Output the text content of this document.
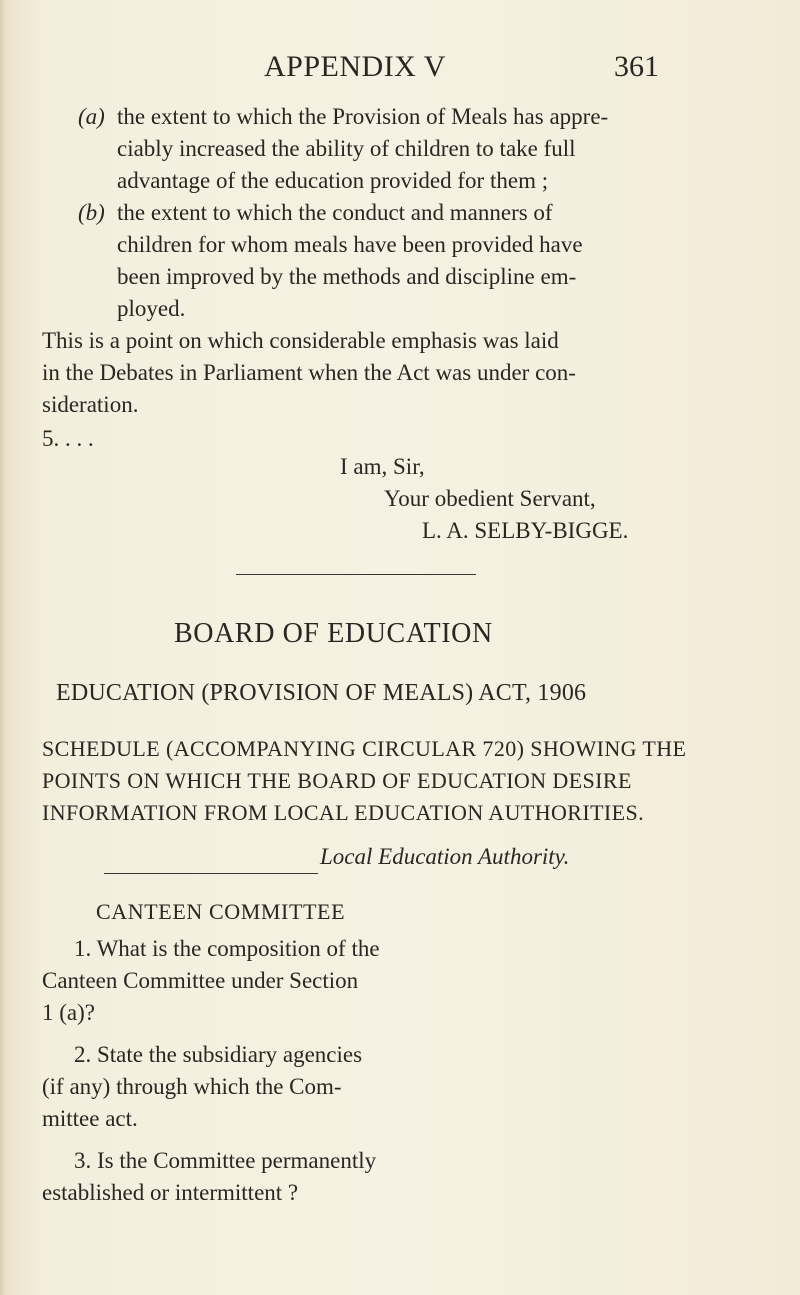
APPENDIX V	361
(a) the extent to which the Provision of Meals has appre-
ciably increased the ability of children to take full
advantage of the education provided for them ;
(b) the extent to which the conduct and manners of
children for whom meals have been provided have
been improved by the methods and discipline em-
ployed.
This is a point on which considerable emphasis was laid
in the Debates in Parliament when the Act was under con-
sideration.
5. . . .
I am, Sir,
Your obedient Servant,
L. A. SELBY-BIGGE.
BOARD OF EDUCATION
EDUCATION (PROVISION OF MEALS) ACT, 1906
SCHEDULE (ACCOMPANYING CIRCULAR 720) SHOWING THE
POINTS ON WHICH THE BOARD OF EDUCATION DESIRE
INFORMATION FROM LOCAL EDUCATION AUTHORITIES.
Local Education Authority.
CANTEEN COMMITTEE
1. What is the composition of the
Canteen Committee under Section
1 (a)?
2. State the subsidiary agencies
(if any) through which the Com-
mittee act.
3. Is the Committee permanently
established or intermittent ?
